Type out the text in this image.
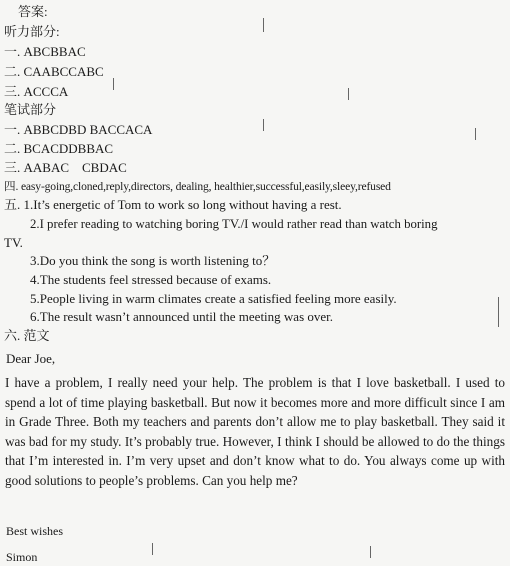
答案:
听力部分:
一. ABCBBAC
二. CAABCCABC
三. ACCCA
笔试部分
一. ABBCDBD BACCACA
二. BCACDDBBAC
三. AABAC    CBDAC
四. easy-going,cloned,reply,directors, dealing, healthier,successful,easily,sleey,refused
五. 1.It’s energetic of Tom to work so long without having a rest.
2.I prefer reading to watching boring TV./I would rather read than watch boring
TV.
3.Do you think the song is worth listening to？
4.The students feel stressed because of exams.
5.People living in warm climates create a satisfied feeling more easily.
6.The result wasn’t announced until the meeting was over.
六. 范文
Dear Joe,

I have a problem, I really need your help. The problem is that I love basketball. I used to spend a lot of time playing basketball. But now it becomes more and more difficult since I am in Grade Three. Both my teachers and parents don’t allow me to play basketball. They said it was bad for my study. It’s probably true. However, I think I should be allowed to do the things that I’m interested in. I’m very upset and don’t know what to do. You always come up with good solutions to people’s problems. Can you help me?

Best wishes
Simon
